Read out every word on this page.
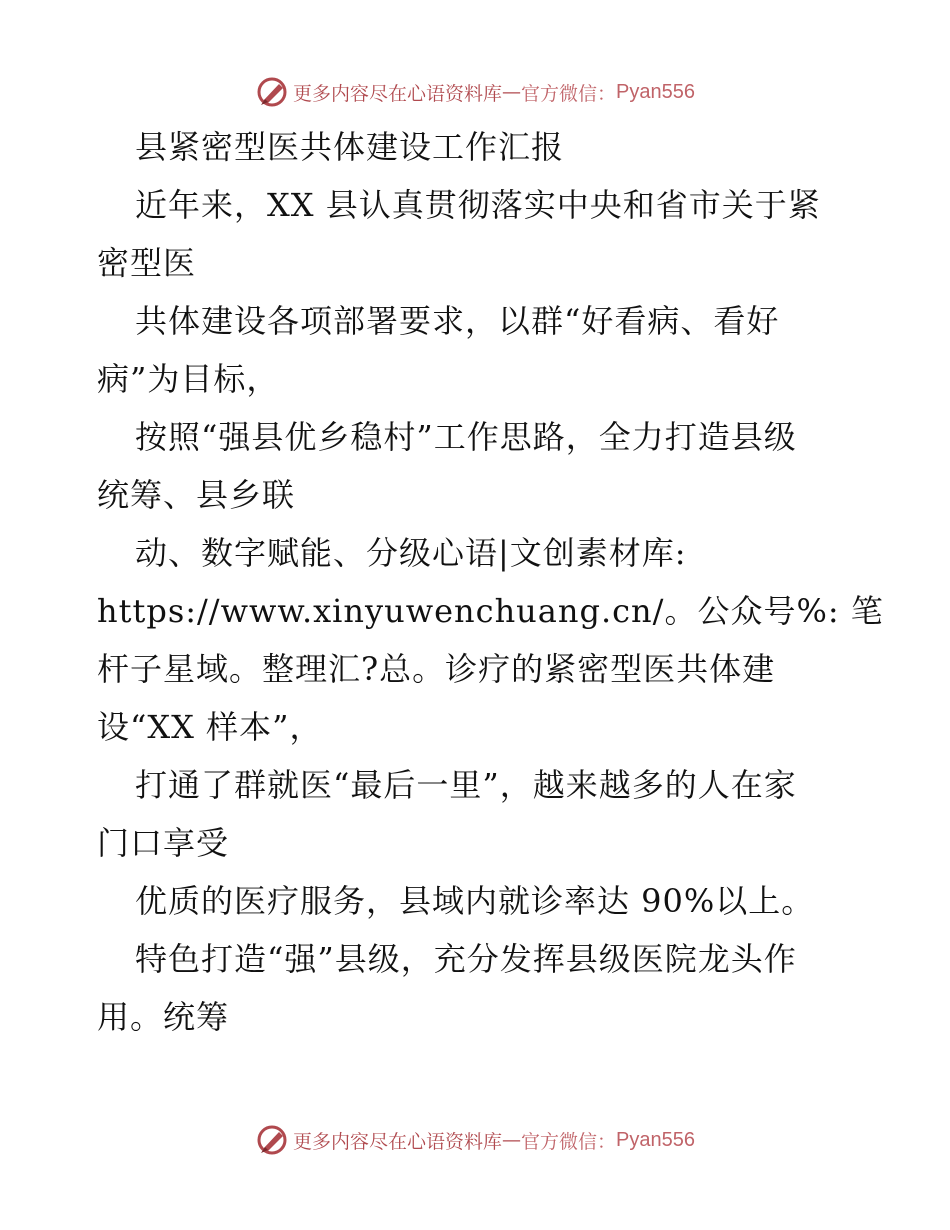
更多内容尽在心语资料库 — 官方微信： Pyan556
县紧密型医共体建设工作汇报
近年来，XX 县认真贯彻落实中央和省市关于紧
密型医
共体建设各项部署要求，以群“好看病、看好
病”为目标，
按照“强县优乡稳村”工作思路，全力打造县级
统筹、县乡联
动、数字赋能、分级心语|文创素材库:
https://www.xinyuwenchuang.cn/。公众号%: 笔
杆子星域。整理汇?总。诊疗的紧密型医共体建
设“XX 样本”，
打通了群就医“最后一里”，越来越多的人在家
门口享受
优质的医疗服务，县域内就诊率达 90%以上。
特色打造“强”县级，充分发挥县级医院龙头作
用。统筹
更多内容尽在心语资料库 — 官方微信： Pyan556
